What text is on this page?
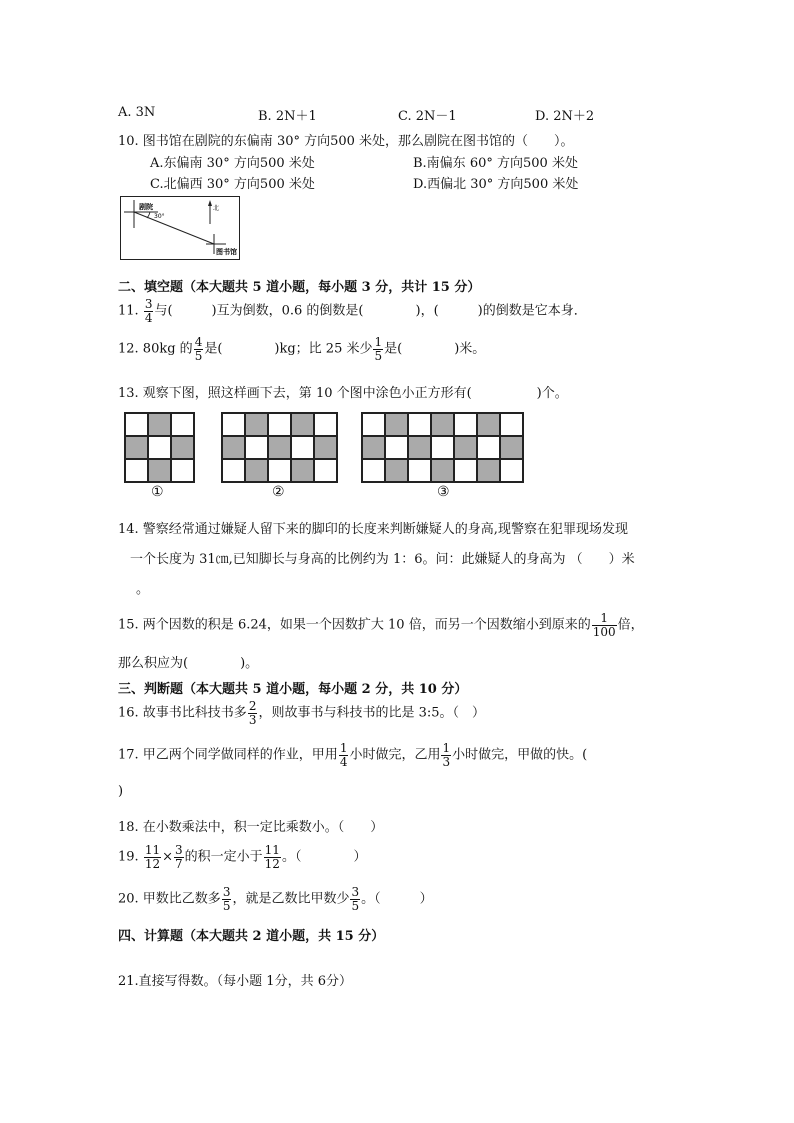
A. 3N	B. 2N＋1	C. 2N－1	D. 2N＋2
10. 图书馆在剧院的东偏南 30° 方向500 米处，那么剧院在图书馆的（　　）。
A.东偏南 30° 方向500 米处	B.南偏东 60° 方向500 米处
C.北偏西 30° 方向500 米处	D.西偏北 30° 方向500 米处
剧院
30°
北
图书馆
二、填空题（本大题共 5 道小题，每小题 3 分，共计 15 分）
11. $\frac{3}{4}$ 与(　　　)互为倒数，0.6 的倒数是(　　　　)，(　　　)的倒数是它本身．
12. 80kg 的 $\frac{4}{5}$ 是(　　　　)kg；比 25 米少 $\frac{1}{5}$ 是(　　　　)米。
13. 观察下图，照这样画下去，第 10 个图中涂色小正方形有(　　　　　)个。
①	②	③
14. 警察经常通过嫌疑人留下来的脚印的长度来判断嫌疑人的身高,现警察在犯罪现场发现
一个长度为 31㎝,已知脚长与身高的比例约为 1：6。问：此嫌疑人的身高为 （　　）米
。
15. 两个因数的积是 6.24，如果一个因数扩大 10 倍，而另一个因数缩小到原来的 $\frac{1}{100}$ 倍，
那么积应为(　　　　)。
三、判断题（本大题共 5 道小题，每小题 2 分，共 10 分）
16. 故事书比科技书多 $\frac{2}{3}$ ，则故事书与科技书的比是 3:5。（　）
17. 甲乙两个同学做同样的作业，甲用 $\frac{1}{4}$ 小时做完，乙用 $\frac{1}{3}$ 小时做完，甲做的快。(
)
18. 在小数乘法中，积一定比乘数小。（　　）
19. $\frac{11}{12} \times \frac{3}{7}$ 的积一定小于 $\frac{11}{12}$ 。（　　　　）
20. 甲数比乙数多 $\frac{3}{5}$ ，就是乙数比甲数少 $\frac{3}{5}$ 。（　　　）
四、计算题（本大题共 2 道小题，共 15 分）
21.直接写得数。（每小题 1分，共 6分）
